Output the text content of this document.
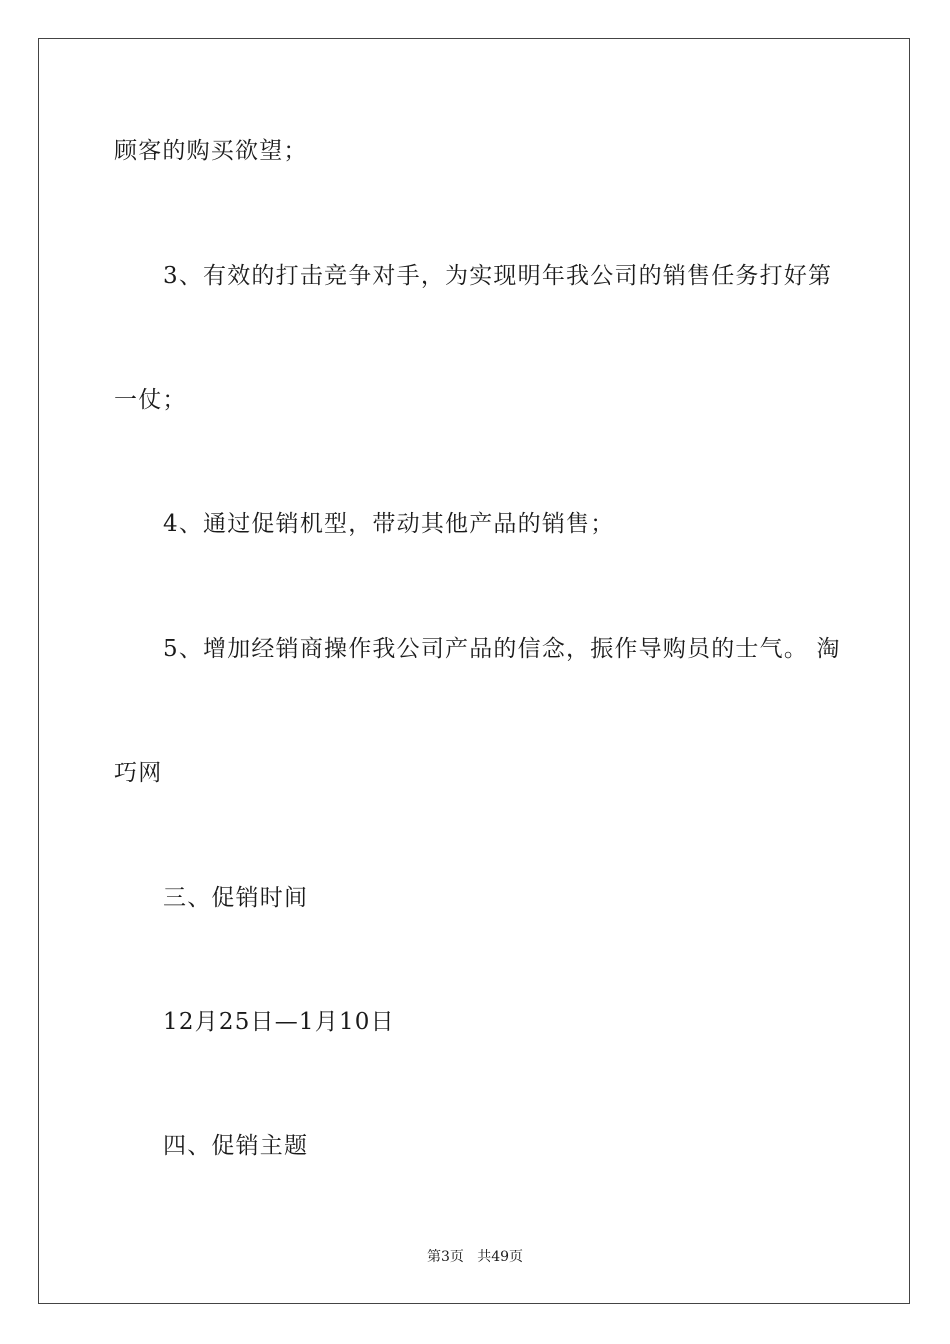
顾客的购买欲望；
3、有效的打击竞争对手，为实现明年我公司的销售任务打好第
一仗；
4、通过促销机型，带动其他产品的销售；
5、增加经销商操作我公司产品的信念，振作导购员的士气。 淘
巧网
三、促销时间
12月25日—1月10日
四、促销主题
第3页   共49页
